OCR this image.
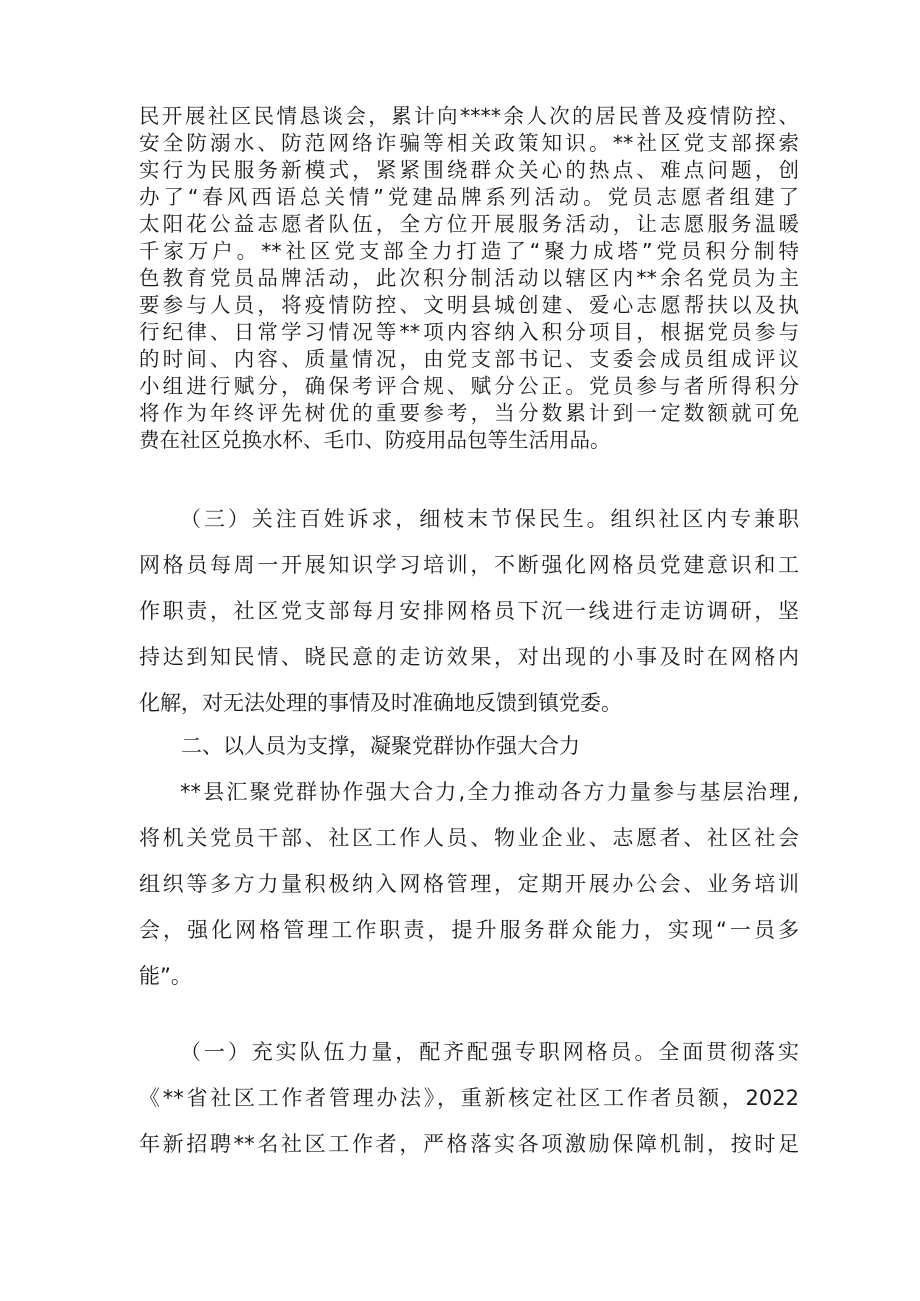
民开展社区民情恳谈会，累计向****余人次的居民普及疫情防控、

安全防溺水、防范网络诈骗等相关政策知识。**社区党支部探索

实行为民服务新模式，紧紧围绕群众关心的热点、难点问题，创

办了“春风西语总关情”党建品牌系列活动。党员志愿者组建了

太阳花公益志愿者队伍，全方位开展服务活动，让志愿服务温暖

千家万户。**社区党支部全力打造了“聚力成塔”党员积分制特

色教育党员品牌活动，此次积分制活动以辖区内**余名党员为主

要参与人员，将疫情防控、文明县城创建、爱心志愿帮扶以及执

行纪律、日常学习情况等**项内容纳入积分项目，根据党员参与

的时间、内容、质量情况，由党支部书记、支委会成员组成评议

小组进行赋分，确保考评合规、赋分公正。党员参与者所得积分

将作为年终评先树优的重要参考，当分数累计到一定数额就可免

费在社区兑换水杯、毛巾、防疫用品包等生活用品。

（三）关注百姓诉求，细枝末节保民生。组织社区内专兼职

网格员每周一开展知识学习培训，不断强化网格员党建意识和工

作职责，社区党支部每月安排网格员下沉一线进行走访调研，坚

持达到知民情、晓民意的走访效果，对出现的小事及时在网格内

化解，对无法处理的事情及时准确地反馈到镇党委。

二、以人员为支撑，凝聚党群协作强大合力

**县汇聚党群协作强大合力,全力推动各方力量参与基层治理,

将机关党员干部、社区工作人员、物业企业、志愿者、社区社会

组织等多方力量积极纳入网格管理，定期开展办公会、业务培训

会，强化网格管理工作职责，提升服务群众能力，实现“一员多

能”。

（一）充实队伍力量，配齐配强专职网格员。全面贯彻落实

《**省社区工作者管理办法》，重新核定社区工作者员额，2022

年新招聘**名社区工作者，严格落实各项激励保障机制，按时足
